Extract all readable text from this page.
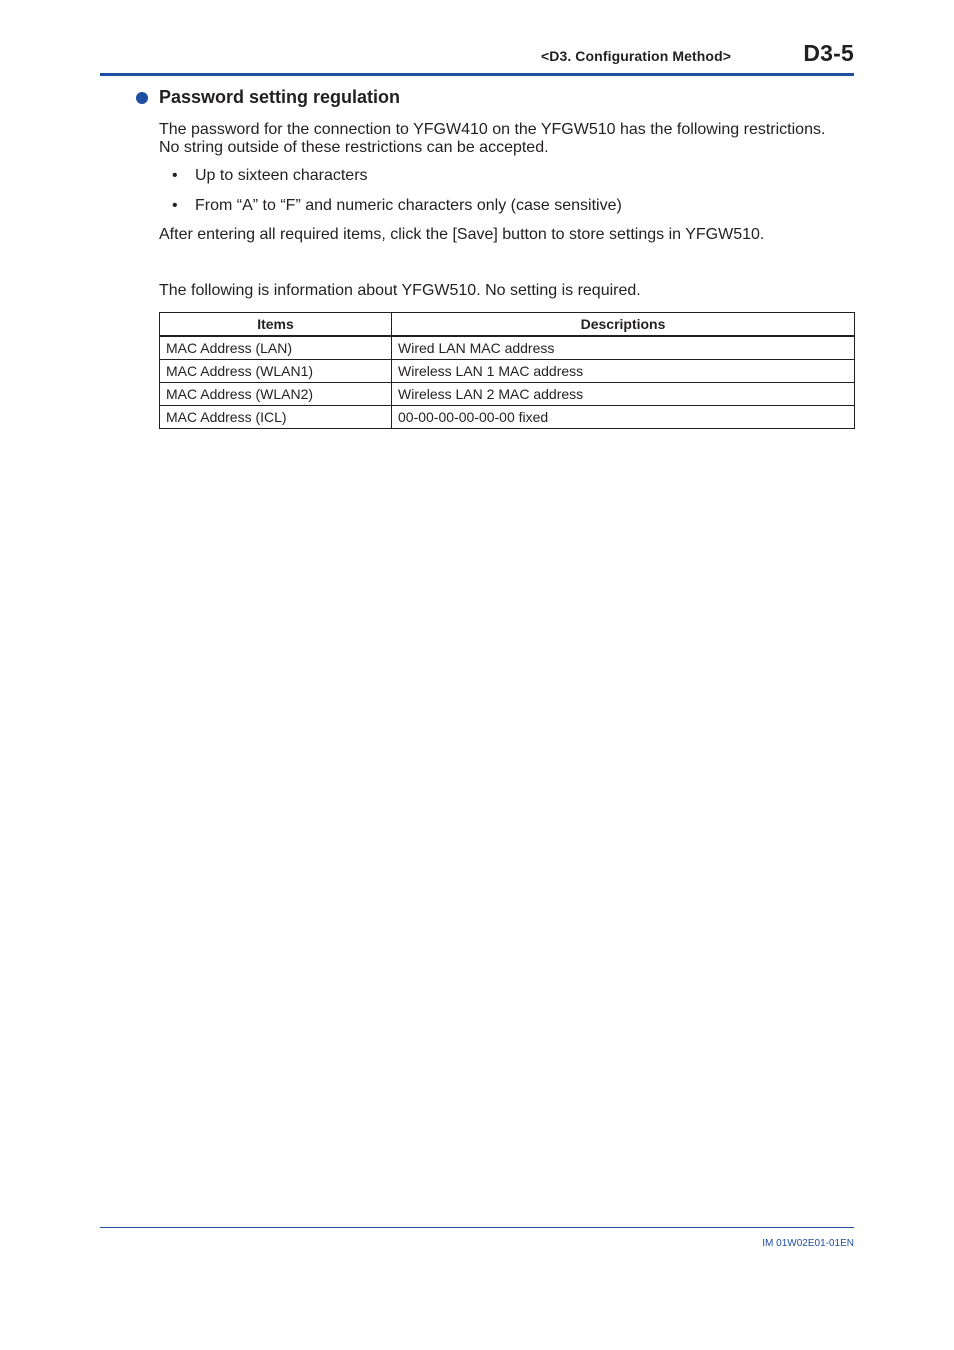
<D3. Configuration Method>	D3-5
Password setting regulation
The password for the connection to YFGW410 on the YFGW510 has the following restrictions.
No string outside of these restrictions can be accepted.
•	Up to sixteen characters
•	From “A” to “F” and numeric characters only (case sensitive)
After entering all required items, click the [Save] button to store settings in YFGW510.
The following is information about YFGW510. No setting is required.
Items	Descriptions
MAC Address (LAN)	Wired LAN MAC address
MAC Address (WLAN1)	Wireless LAN 1 MAC address
MAC Address (WLAN2)	Wireless LAN 2 MAC address
MAC Address (ICL)	00-00-00-00-00-00 fixed
IM 01W02E01-01EN
